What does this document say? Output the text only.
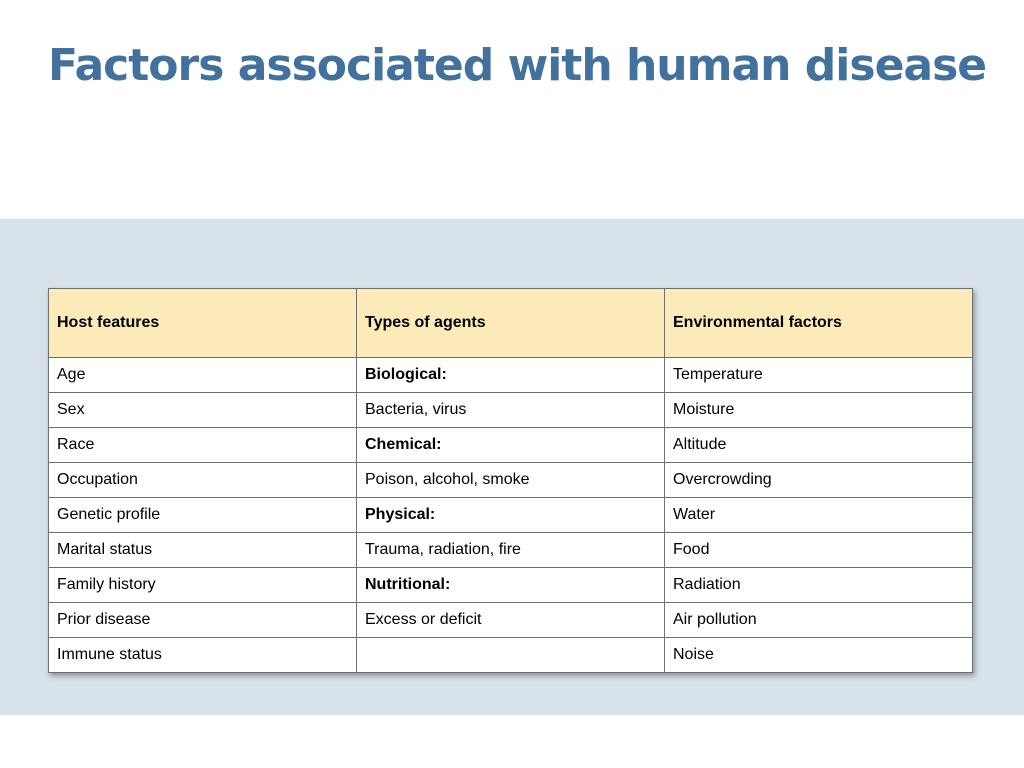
Factors associated with human disease
Host features	Types of agents	Environmental factors
Age	Biological:	Temperature
Sex	Bacteria, virus	Moisture
Race	Chemical:	Altitude
Occupation	Poison, alcohol, smoke	Overcrowding
Genetic profile	Physical:	Water
Marital status	Trauma, radiation, fire	Food
Family history	Nutritional:	Radiation
Prior disease	Excess or deficit	Air pollution
Immune status		Noise
